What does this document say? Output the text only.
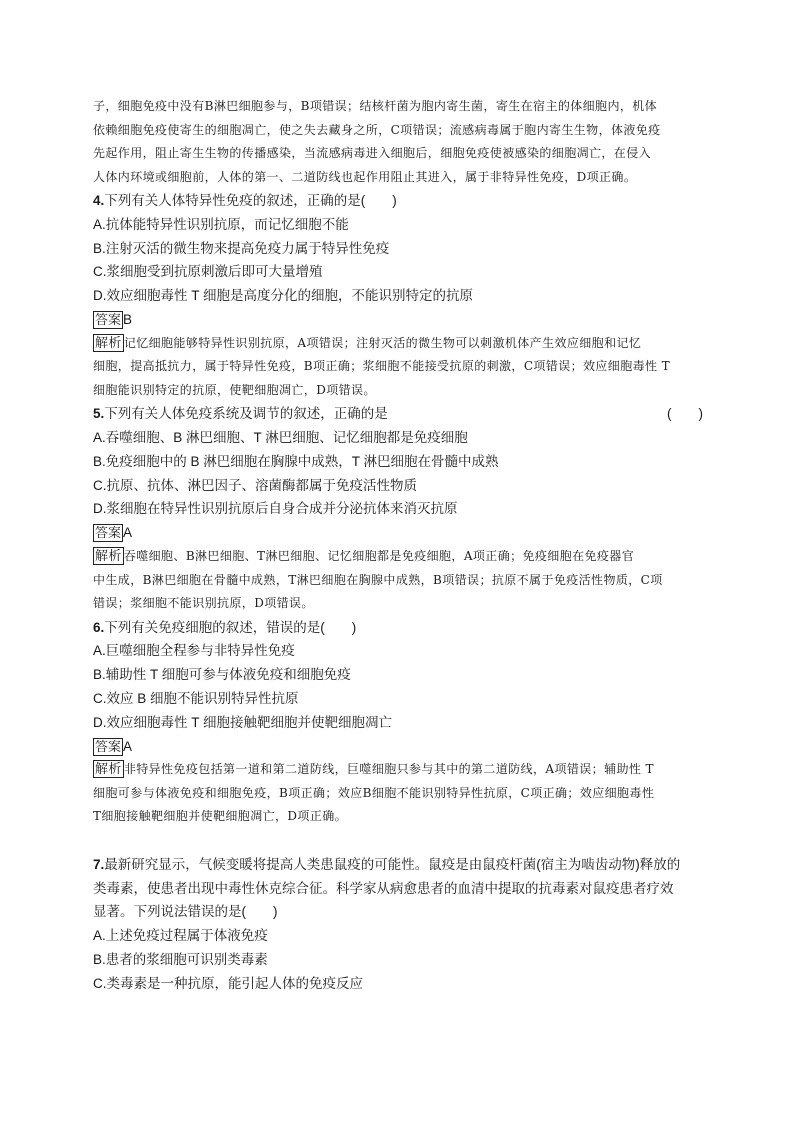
子，细胞免疫中没有B淋巴细胞参与，B项错误；结核杆菌为胞内寄生菌，寄生在宿主的体细胞内，机体

依赖细胞免疫使寄生的细胞凋亡，使之失去藏身之所，C项错误；流感病毒属于胞内寄生生物，体液免疫

先起作用，阻止寄生生物的传播感染，当流感病毒进入细胞后，细胞免疫使被感染的细胞凋亡，在侵入

人体内环境或细胞前，人体的第一、二道防线也起作用阻止其进入，属于非特异性免疫，D项正确。

4.下列有关人体特异性免疫的叙述，正确的是(　　)

A.抗体能特异性识别抗原，而记忆细胞不能

B.注射灭活的微生物来提高免疫力属于特异性免疫

C.浆细胞受到抗原刺激后即可大量增殖

D.效应细胞毒性 T 细胞是高度分化的细胞，不能识别特定的抗原

答案 B

解析 记忆细胞能够特异性识别抗原，A项错误；注射灭活的微生物可以刺激机体产生效应细胞和记忆

细胞，提高抵抗力，属于特异性免疫，B项正确；浆细胞不能接受抗原的刺激，C项错误；效应细胞毒性 T

细胞能识别特定的抗原，使靶细胞凋亡，D项错误。

5.下列有关人体免疫系统及调节的叙述，正确的是	(　　)

A.吞噬细胞、B 淋巴细胞、T 淋巴细胞、记忆细胞都是免疫细胞

B.免疫细胞中的 B 淋巴细胞在胸腺中成熟，T 淋巴细胞在骨髓中成熟

C.抗原、抗体、淋巴因子、溶菌酶都属于免疫活性物质

D.浆细胞在特异性识别抗原后自身合成并分泌抗体来消灭抗原

答案 A

解析 吞噬细胞、B淋巴细胞、T淋巴细胞、记忆细胞都是免疫细胞，A项正确；免疫细胞在免疫器官

中生成，B淋巴细胞在骨髓中成熟，T淋巴细胞在胸腺中成熟，B项错误；抗原不属于免疫活性物质，C项

错误；浆细胞不能识别抗原，D项错误。

6.下列有关免疫细胞的叙述，错误的是(　　)

A.巨噬细胞全程参与非特异性免疫

B.辅助性 T 细胞可参与体液免疫和细胞免疫

C.效应 B 细胞不能识别特异性抗原

D.效应细胞毒性 T 细胞接触靶细胞并使靶细胞凋亡

答案 A

解析 非特异性免疫包括第一道和第二道防线，巨噬细胞只参与其中的第二道防线，A项错误；辅助性 T

细胞可参与体液免疫和细胞免疫，B项正确；效应B细胞不能识别特异性抗原，C项正确；效应细胞毒性

T细胞接触靶细胞并使靶细胞凋亡，D项正确。

7.最新研究显示，气候变暖将提高人类患鼠疫的可能性。鼠疫是由鼠疫杆菌(宿主为啮齿动物)释放的

类毒素，使患者出现中毒性休克综合征。科学家从病愈患者的血清中提取的抗毒素对鼠疫患者疗效

显著。下列说法错误的是(　　)

A.上述免疫过程属于体液免疫

B.患者的浆细胞可识别类毒素

C.类毒素是一种抗原，能引起人体的免疫反应
